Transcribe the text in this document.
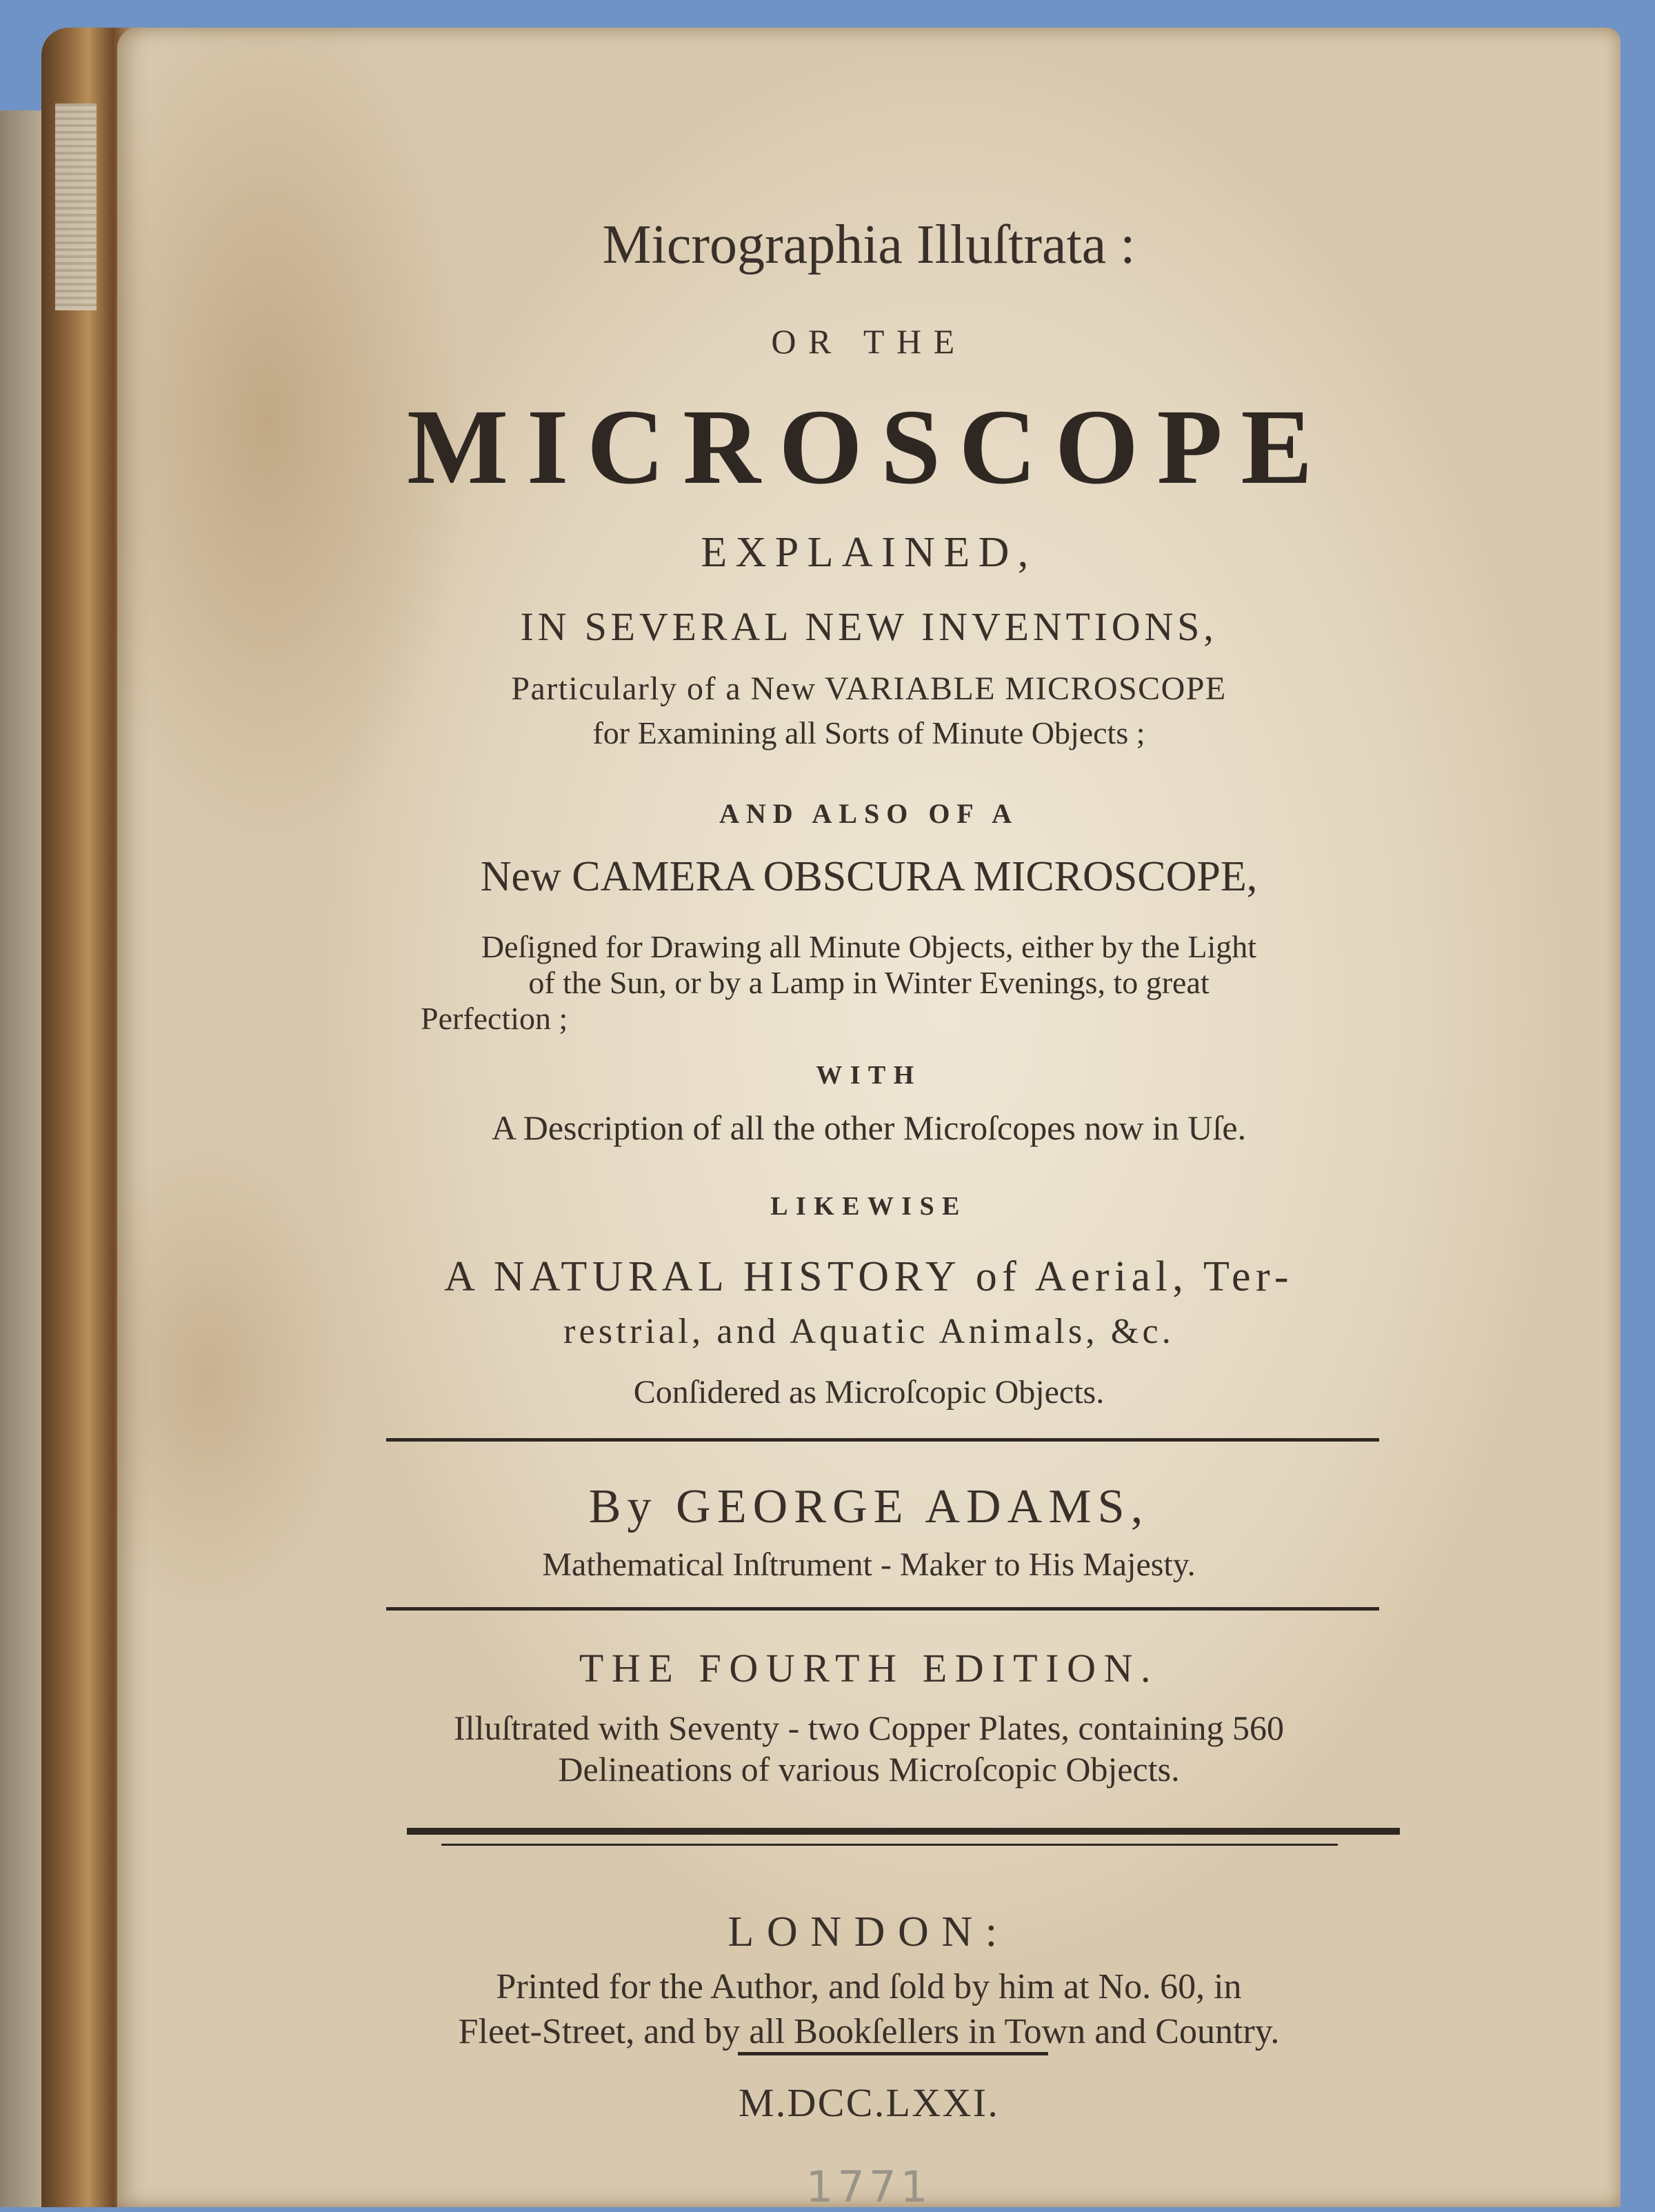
Micrographia Illuſtrata :
OR THE
MICROSCOPE
EXPLAINED,
IN SEVERAL NEW INVENTIONS,
Particularly of a New VARIABLE MICROSCOPE
for Examining all Sorts of Minute Objects ;
AND ALSO OF A
New CAMERA OBSCURA MICROSCOPE,
Deſigned for Drawing all Minute Objects, either by the Light
of the Sun, or by a Lamp in Winter Evenings, to great
Perfection ;
WITH
A Description of all the other Microſcopes now in Uſe.
LIKEWISE
A NATURAL HISTORY of Aerial, Ter-
restrial, and Aquatic Animals, &c.
Conſidered as Microſcopic Objects.
By GEORGE ADAMS,
Mathematical Inſtrument - Maker to His Majesty.
THE FOURTH EDITION.
Illuſtrated with Seventy - two Copper Plates, containing 560
Delineations of various Microſcopic Objects.
LONDON:
Printed for the Author, and ſold by him at No. 60, in
Fleet-Street, and by all Bookſellers in Town and Country.
M.DCC.LXXI.
1771
